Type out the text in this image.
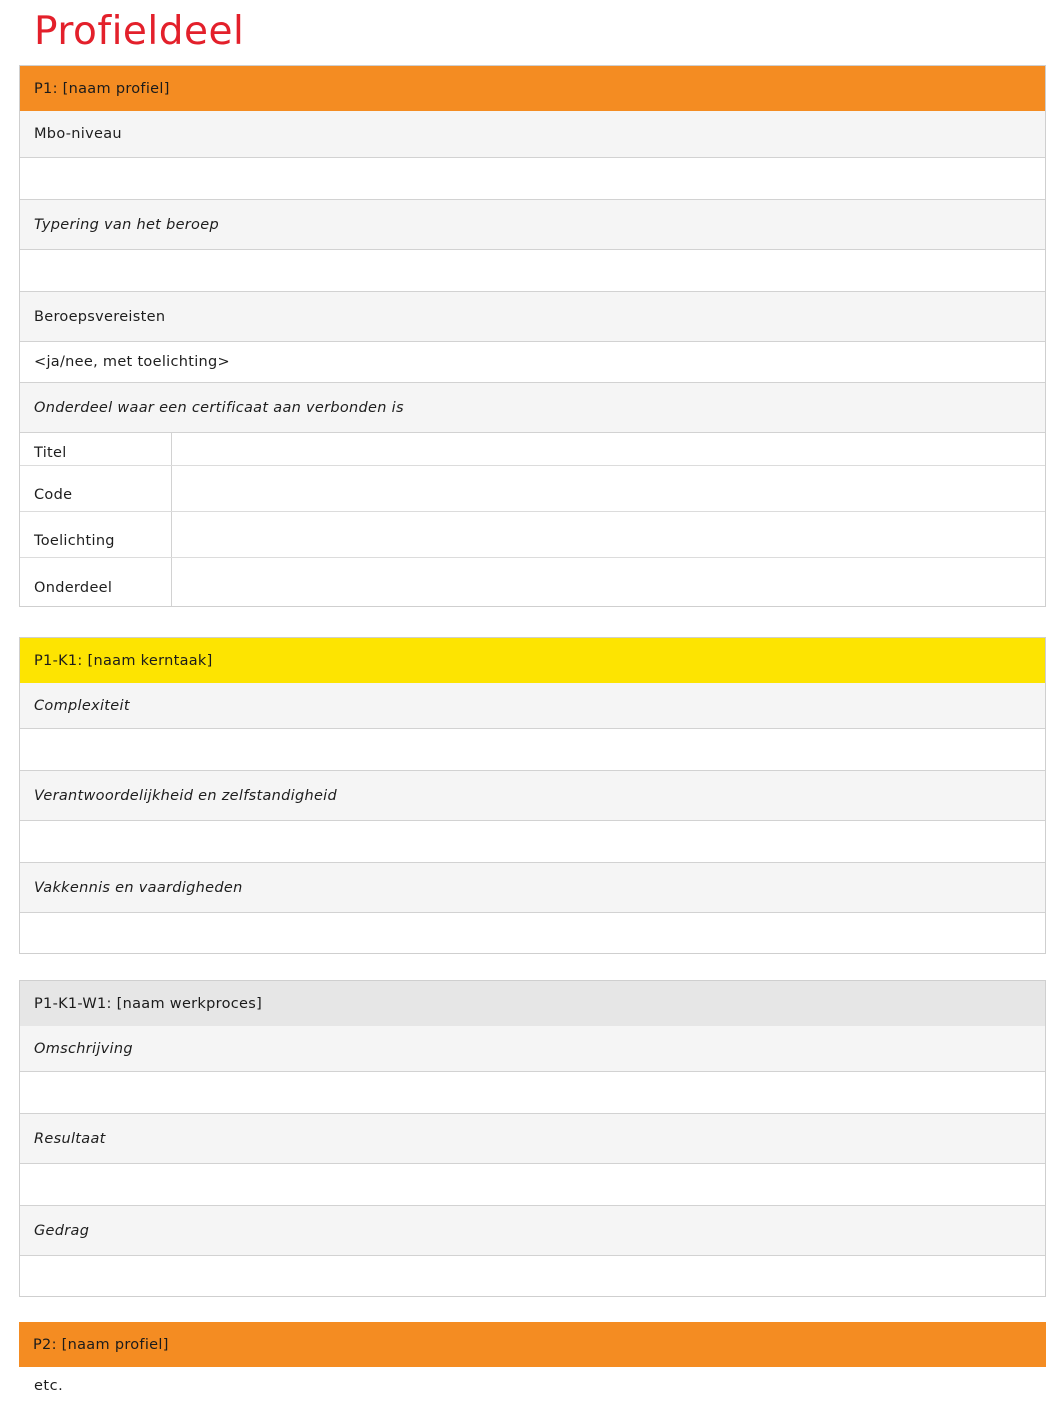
Profieldeel
P1: [naam profiel]
Mbo-niveau
Typering van het beroep
Beroepsvereisten
<ja/nee, met toelichting>
Onderdeel waar een certificaat aan verbonden is
Titel
Code
Toelichting
Onderdeel
P1-K1: [naam kerntaak]
Complexiteit
Verantwoordelijkheid en zelfstandigheid
Vakkennis en vaardigheden
P1-K1-W1: [naam werkproces]
Omschrijving
Resultaat
Gedrag
P2: [naam profiel]
etc.
